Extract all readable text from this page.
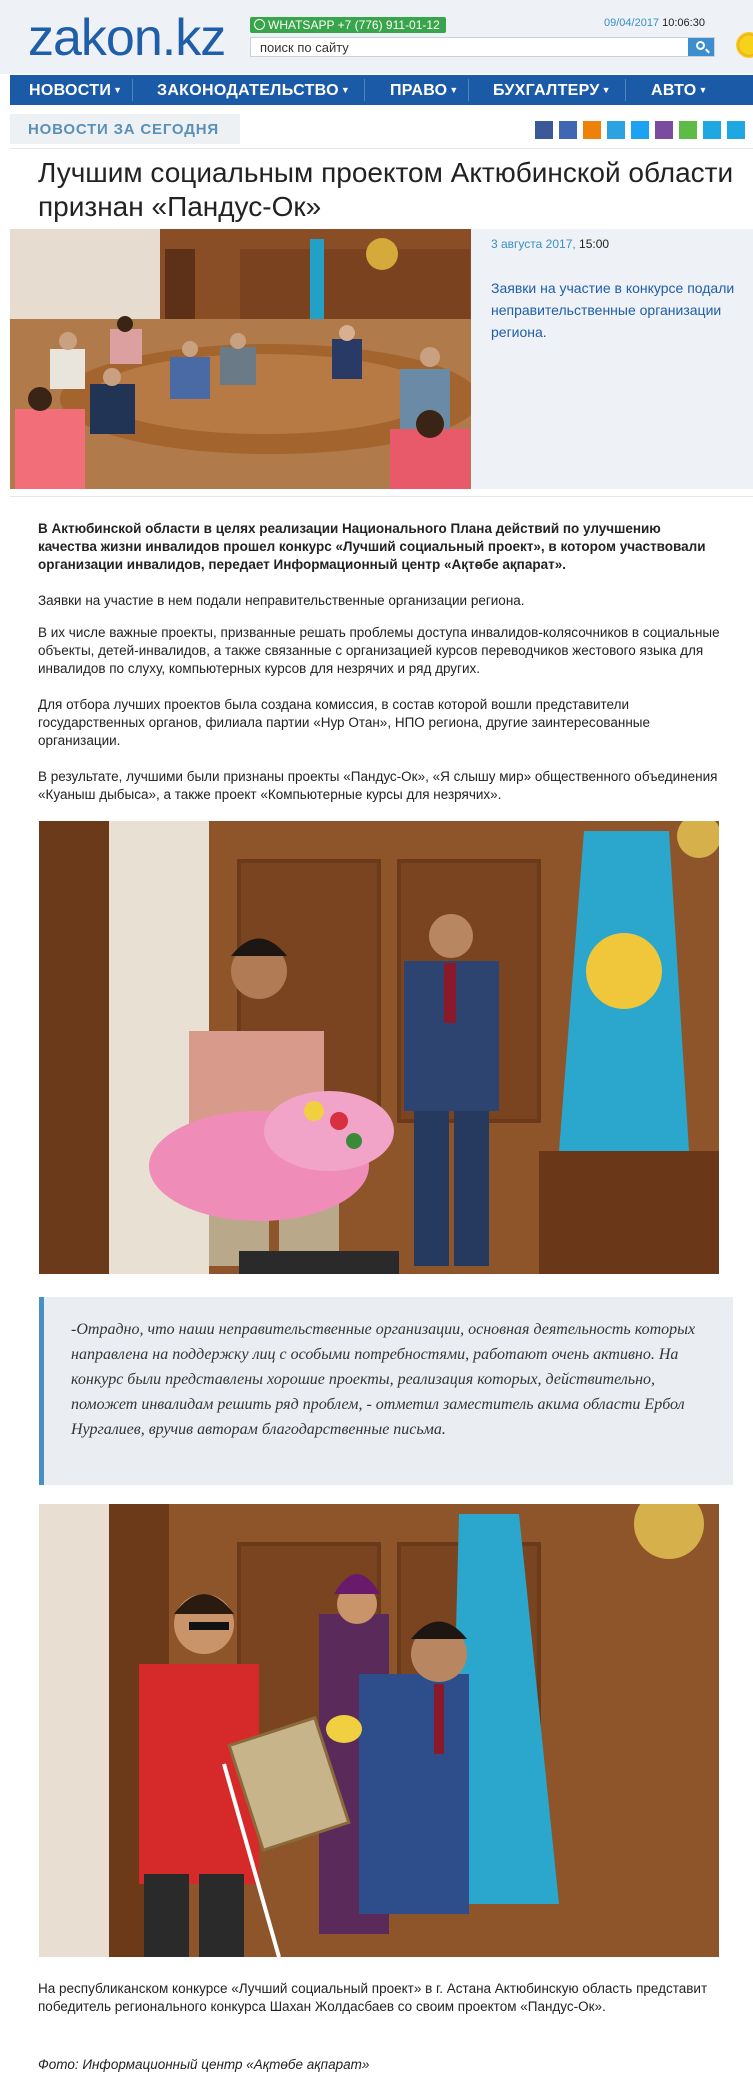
zakon.kz	WHATSAPP +7 (776) 911-01-12
поиск по сайту	09/04/2017 10:06:30
НОВОСТИ ▼ ЗАКОНОДАТЕЛЬСТВО ▼ ПРАВО ▼ БУХГАЛТЕРУ ▼	АВТО ▼
НОВОСТИ ЗА СЕГОДНЯ
Лучшим социальным проектом Актюбинской области признан «Пандус-Ок»
3 августа 2017, 15:00
Заявки на участие в конкурсе подали неправительственные организации региона.
В Актюбинской области в целях реализации Национального Плана действий по улучшению качества жизни инвалидов прошел конкурс «Лучший социальный проект», в котором участвовали организации инвалидов, передает Информационный центр «Ақтөбе ақпарат».
Заявки на участие в нем подали неправительственные организации региона.
В их числе важные проекты, призванные решать проблемы доступа инвалидов-колясочников в социальные объекты, детей-инвалидов, а также связанные с организацией курсов переводчиков жестового языка для инвалидов по слуху, компьютерных курсов для незрячих и ряд других.
Для отбора лучших проектов была создана комиссия, в состав которой вошли представители государственных органов, филиала партии «Нур Отан», НПО региона, другие заинтересованные организации.
В результате, лучшими были признаны проекты «Пандус-Ок», «Я слышу мир» общественного объединения «Куаныш дыбыса», а также проект «Компьютерные курсы для незрячих».
-Отрадно, что наши неправительственные организации, основная деятельность которых направлена на поддержку лиц с особыми потребностями, работают очень активно. На конкурс были представлены хорошие проекты, реализация которых, действительно, поможет инвалидам решить ряд проблем, - отметил заместитель акима области Ербол Нургалиев, вручив авторам благодарственные письма.
На республиканском конкурсе «Лучший социальный проект» в г. Астана Актюбинскую область представит победитель регионального конкурса Шахан Жолдасбаев со своим проектом «Пандус-Ок».
Фото: Информационный центр «Ақтөбе ақпарат»
